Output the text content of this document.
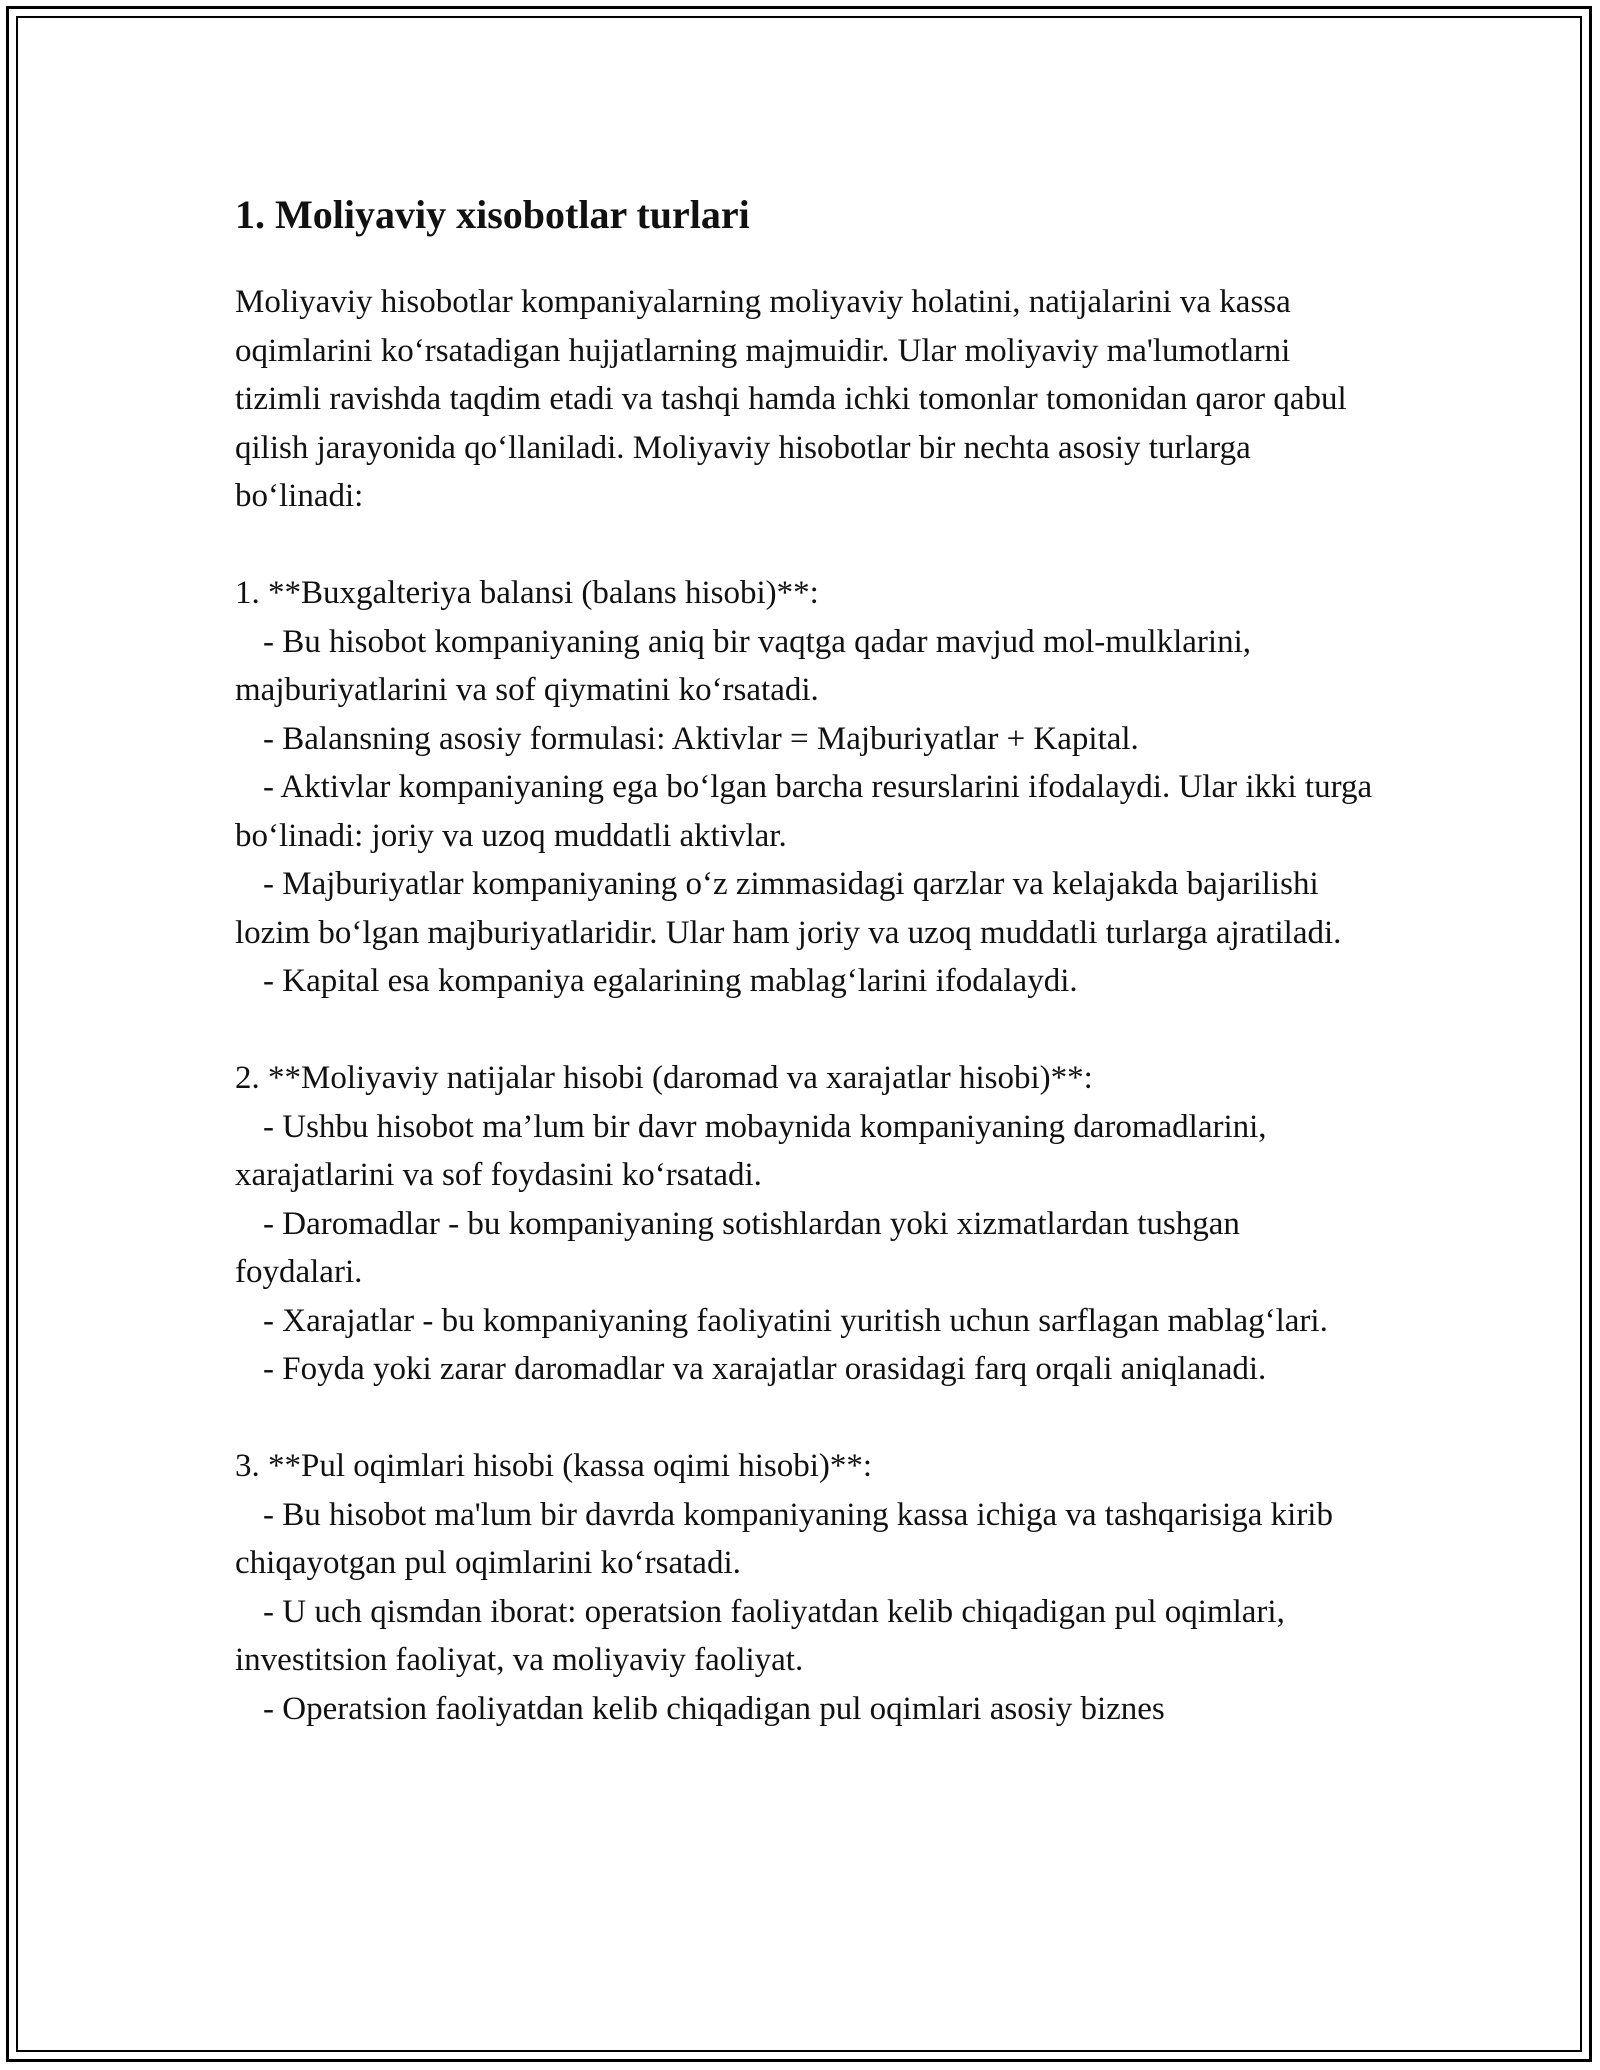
1. Moliyaviy xisobotlar turlari

Moliyaviy hisobotlar kompaniyalarning moliyaviy holatini, natijalarini va kassa oqimlarini koʻrsatadigan hujjatlarning majmuidir. Ular moliyaviy ma'lumotlarni tizimli ravishda taqdim etadi va tashqi hamda ichki tomonlar tomonidan qaror qabul qilish jarayonida qoʻllaniladi. Moliyaviy hisobotlar bir nechta asosiy turlarga boʻlinadi:

1. **Buxgalteriya balansi (balans hisobi)**:

- Bu hisobot kompaniyaning aniq bir vaqtga qadar mavjud mol-mulklarini, majburiyatlarini va sof qiymatini koʻrsatadi.

- Balansning asosiy formulasi: Aktivlar = Majburiyatlar + Kapital.

- Aktivlar kompaniyaning ega boʻlgan barcha resurslarini ifodalaydi. Ular ikki turga boʻlinadi: joriy va uzoq muddatli aktivlar.

- Majburiyatlar kompaniyaning oʻz zimmasidagi qarzlar va kelajakda bajarilishi lozim boʻlgan majburiyatlaridir. Ular ham joriy va uzoq muddatli turlarga ajratiladi.

- Kapital esa kompaniya egalarining mablagʻlarini ifodalaydi.

2. **Moliyaviy natijalar hisobi (daromad va xarajatlar hisobi)**:

- Ushbu hisobot ma’lum bir davr mobaynida kompaniyaning daromadlarini, xarajatlarini va sof foydasini koʻrsatadi.

- Daromadlar - bu kompaniyaning sotishlardan yoki xizmatlardan tushgan foydalari.

- Xarajatlar - bu kompaniyaning faoliyatini yuritish uchun sarflagan mablagʻlari.

- Foyda yoki zarar daromadlar va xarajatlar orasidagi farq orqali aniqlanadi.

3. **Pul oqimlari hisobi (kassa oqimi hisobi)**:

- Bu hisobot ma'lum bir davrda kompaniyaning kassa ichiga va tashqarisiga kirib chiqayotgan pul oqimlarini koʻrsatadi.

- U uch qismdan iborat: operatsion faoliyatdan kelib chiqadigan pul oqimlari, investitsion faoliyat, va moliyaviy faoliyat.

- Operatsion faoliyatdan kelib chiqadigan pul oqimlari asosiy biznes
